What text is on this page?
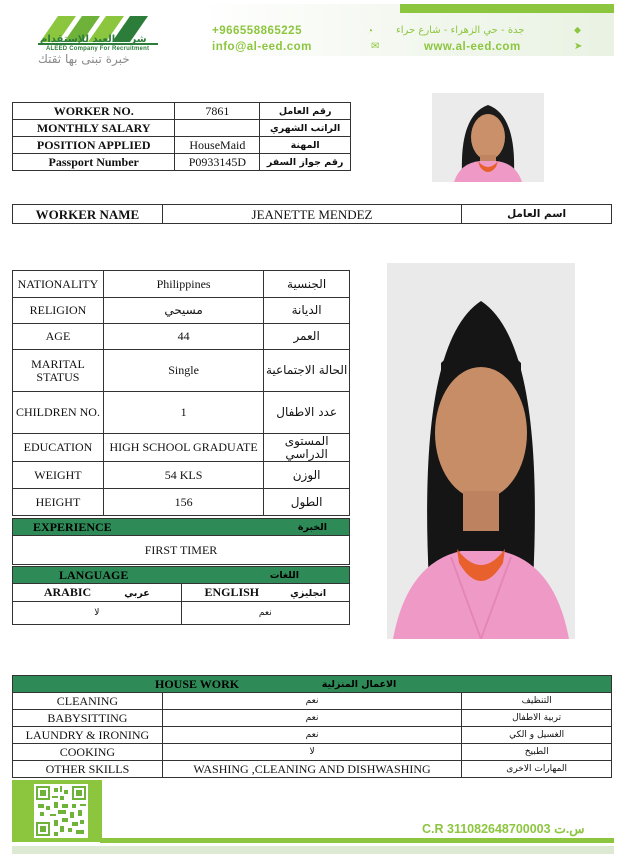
شركة العيد للإستقدام
ALEED Company For Recruitment
خبرة تبنى بها ثقتك
+966558865225	◔ جدة - حي الزهراء - شارع حراء	⬥
info@al-eed.com	✉	www.al-eed.com	➤
WORKER NO.	7861	رقم العامل
MONTHLY SALARY		الراتب الشهري
POSITION APPLIED	HouseMaid	المهنة
Passport Number	P0933145D	رقم جواز السفر
WORKER NAME	JEANETTE MENDEZ	اسم العامل
NATIONALITY	Philippines	الجنسية
RELIGION	مسيحي	الديانة
AGE	44	العمر
MARITAL STATUS	Single	الحالة الاجتماعية
CHILDREN NO.	1	عدد الاطفال
EDUCATION	HIGH SCHOOL GRADUATE	المستوى الدراسي
WEIGHT	54 KLS	الوزن
HEIGHT	156	الطول
EXPERIENCE	الخبرة
FIRST TIMER
LANGUAGE	اللغات
ARABIC عربي	ENGLISH انجليزي
لا	نعم
HOUSE WORK		الاعمال المنزلية
CLEANING	نعم	التنظيف
BABYSITTING	نعم	تربية الاطفال
LAUNDRY & IRONING	نعم	الغسيل و الكي
COOKING	لا	الطبيخ
OTHER SKILLS	WASHING ,CLEANING AND DISHWASHING	المهارات الاخرى
C.R 311082648700003 س.ت
